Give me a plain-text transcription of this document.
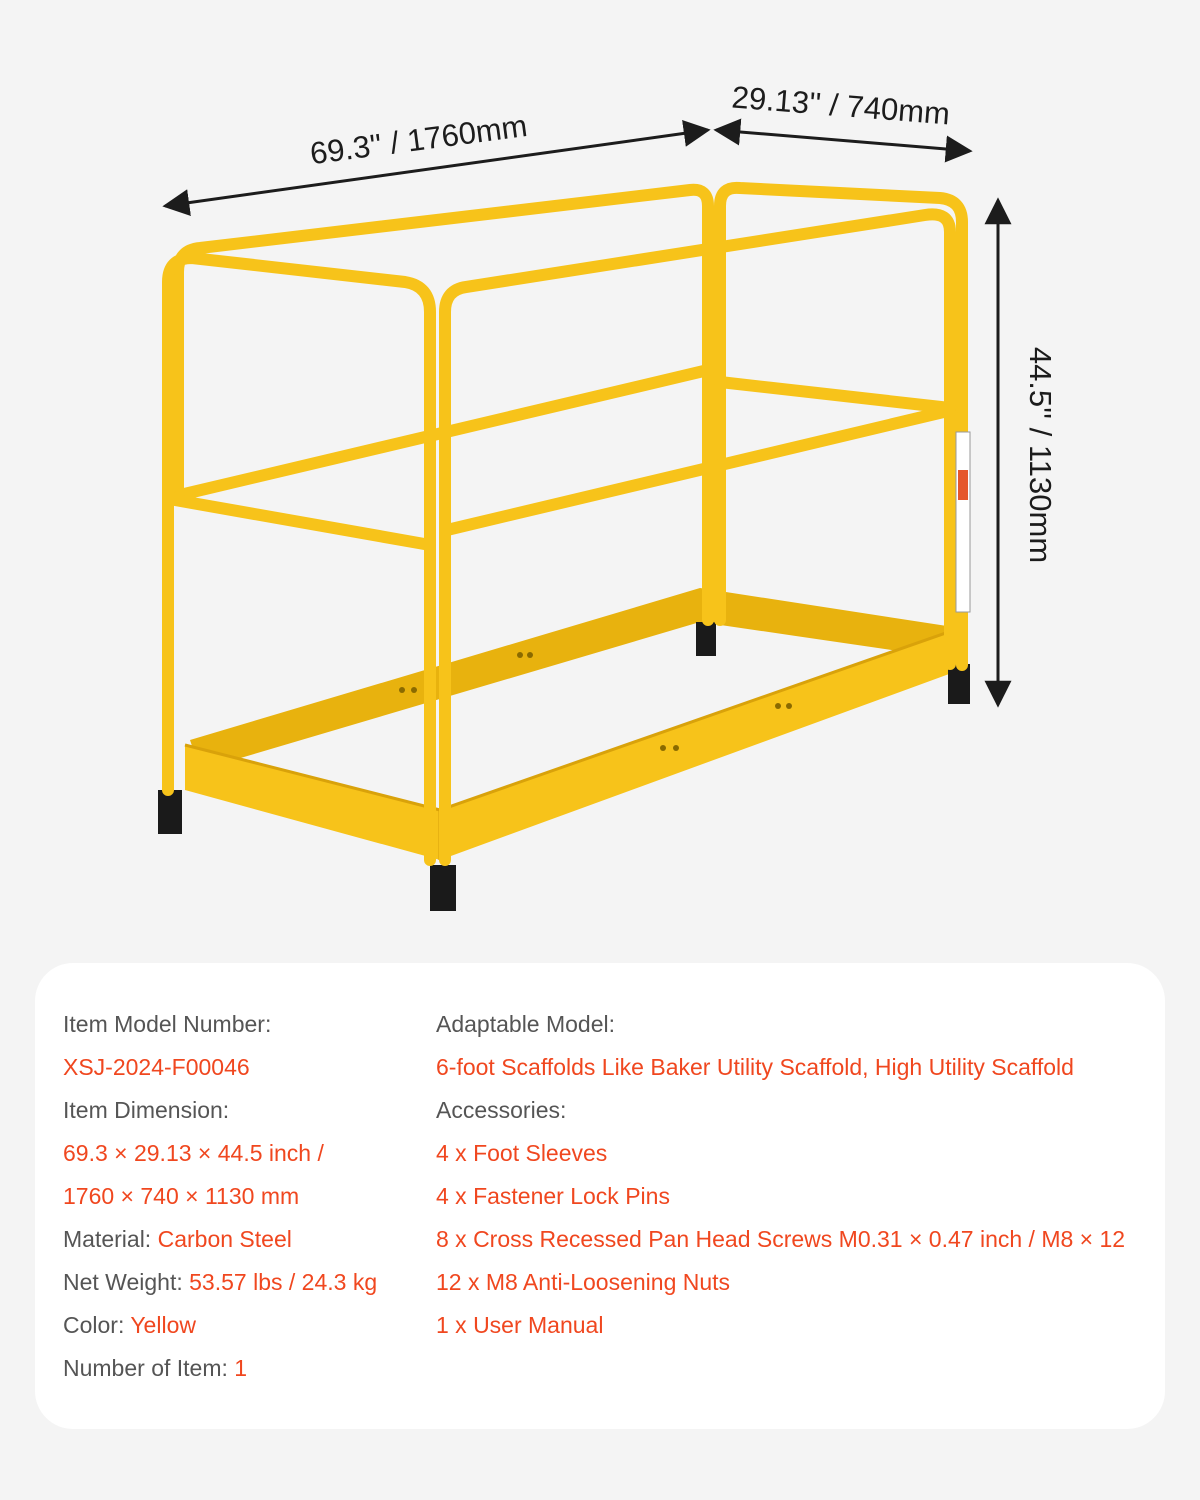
69.3'' / 1760mm
29.13'' / 740mm
44.5'' / 1130mm
Item Model Number:
XSJ-2024-F00046
Item Dimension:
69.3 × 29.13 × 44.5 inch /
1760 × 740 × 1130 mm
Material: Carbon Steel
Net Weight: 53.57 lbs / 24.3 kg
Color: Yellow
Number of Item: 1
Adaptable Model:
6-foot Scaffolds Like Baker Utility Scaffold, High Utility Scaffold
Accessories:
4 x Foot Sleeves
4 x Fastener Lock Pins
8 x Cross Recessed Pan Head Screws M0.31 × 0.47 inch / M8 × 12
12 x M8 Anti-Loosening Nuts
1 x User Manual
